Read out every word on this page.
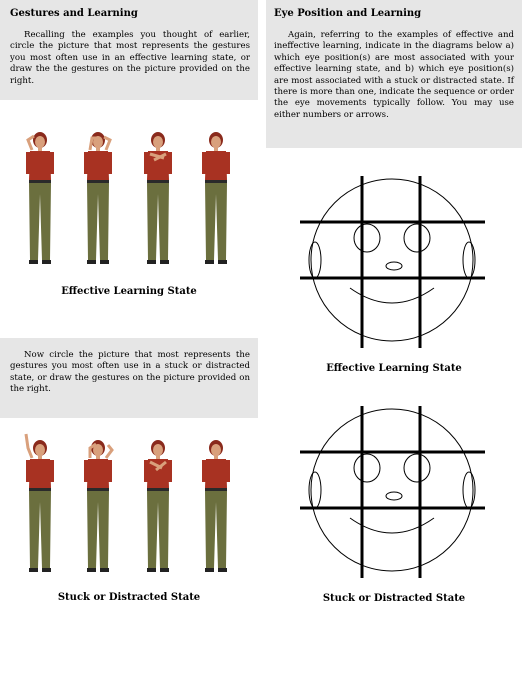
Gestures and Learning

Recalling the examples you thought of earlier, circle the picture that most represents the gestures you most often use in an effective learning state, or draw the the gestures on the picture provided on the right.

Effective Learning State

Now circle the picture that most represents the gestures you most often use in a stuck or distracted state, or draw the gestures on the picture provided on the right.

Stuck or Distracted State
Eye Position and Learning

Again, referring to the examples of effective and ineffective learning, indicate in the diagrams below a) which eye position(s) are most associated with your effective learning state, and b) which eye position(s) are most associated with a stuck or distracted state. If there is more than one, indicate the sequence or order the eye movements typically follow. You may use either numbers or arrows.

Effective Learning State
Stuck or Distracted State
